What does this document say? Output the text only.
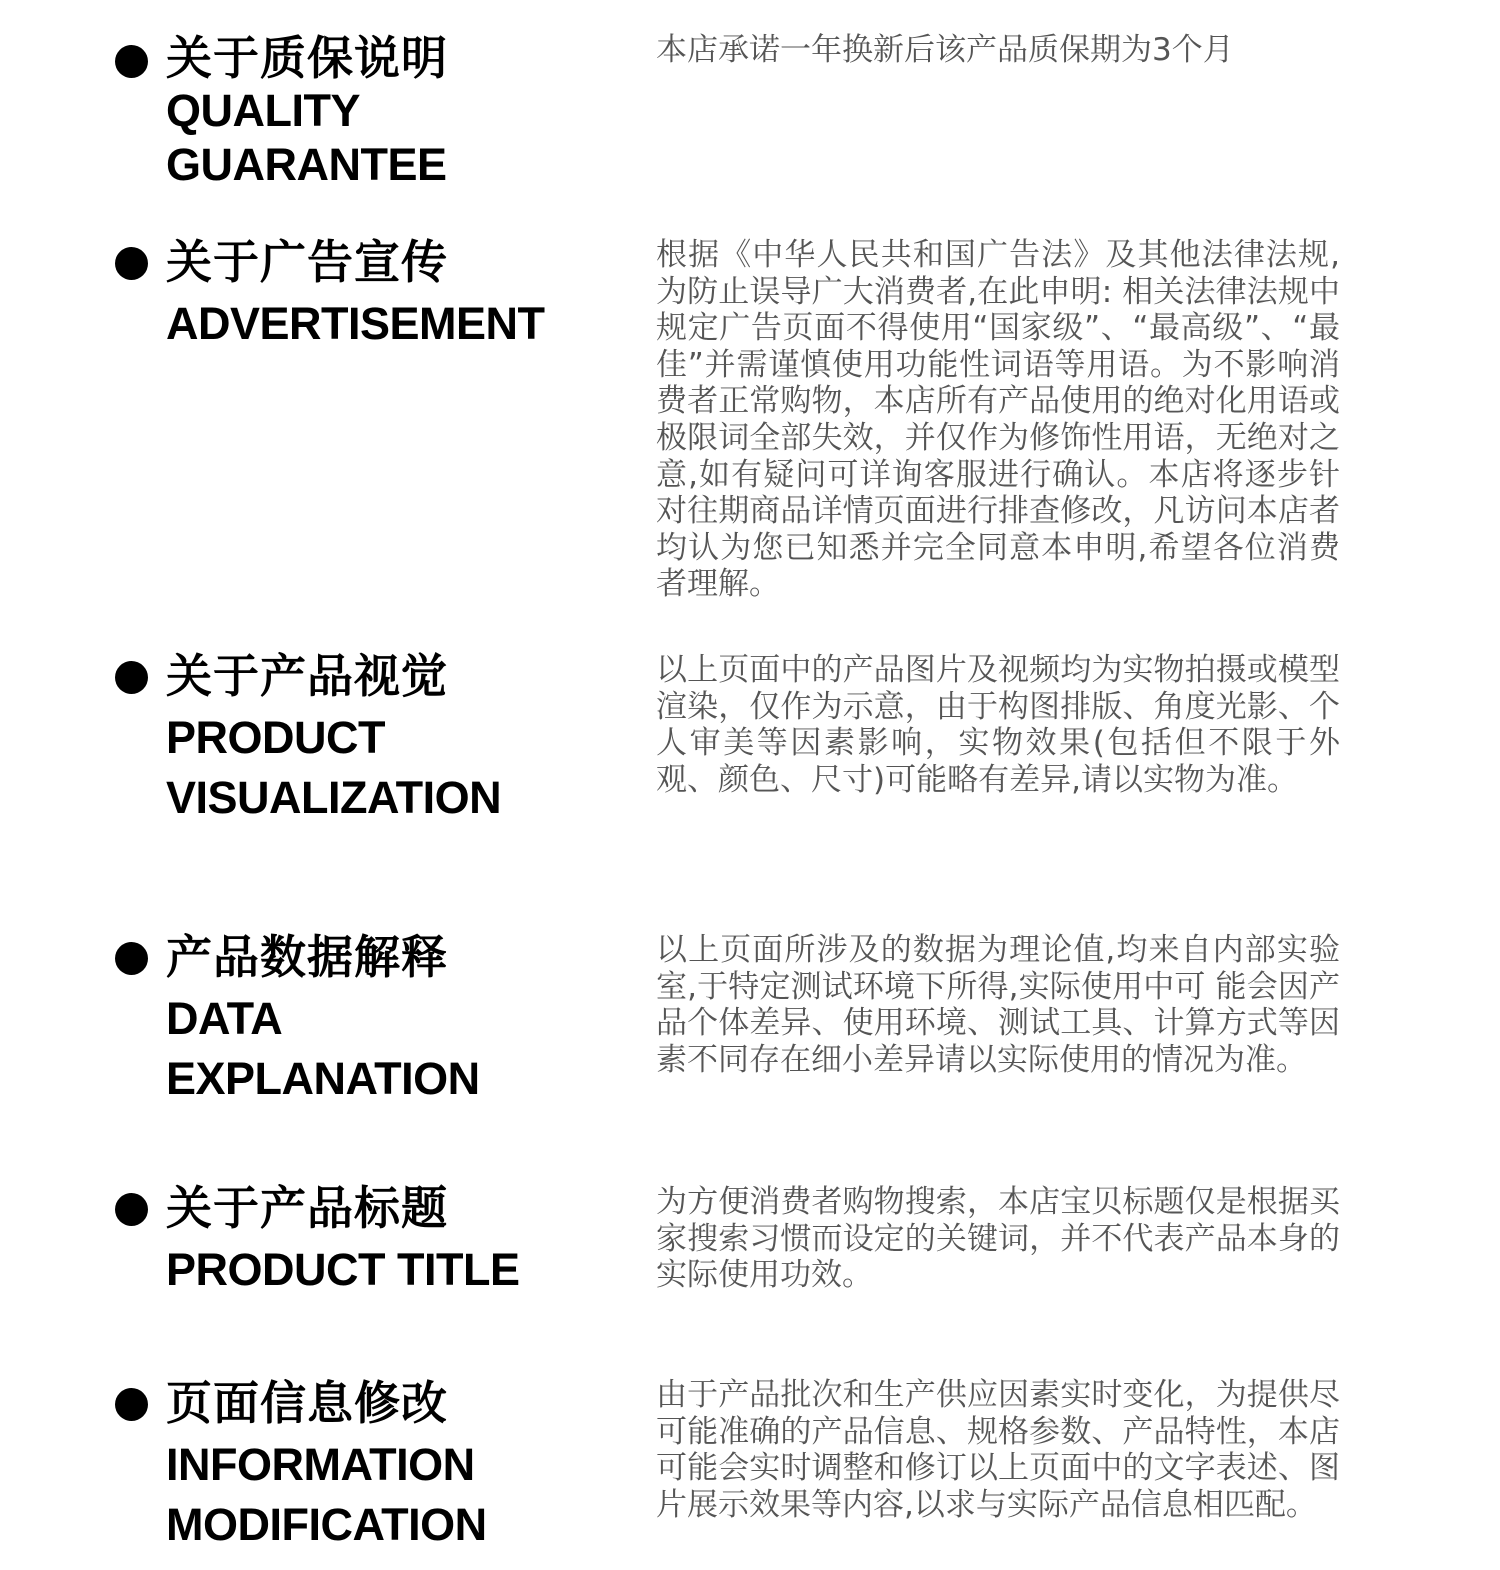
关于质保说明
QUALITY GUARANTEE
本店承诺一年换新后该产品质保期为3个月
关于广告宣传
ADVERTISEMENT
根据《中华人民共和国广告法》及其他法律法规,为防止误导广大消费者,在此申明: 相关法律法规中规定广告页面不得使用“国家级”、“最高级”、“最佳”并需谨慎使用功能性词语等用语。为不影响消费者正常购物，本店所有产品使用的绝对化用语或极限词全部失效，并仅作为修饰性用语，无绝对之意,如有疑问可详询客服进行确认。本店将逐步针对往期商品详情页面进行排查修改，凡访问本店者均认为您已知悉并完全同意本申明,希望各位消费者理解。
关于产品视觉
PRODUCT VISUALIZATION
以上页面中的产品图片及视频均为实物拍摄或模型渲染，仅作为示意，由于构图排版、角度光影、个人审美等因素影响，实物效果(包括但不限于外观、颜色、尺寸)可能略有差异,请以实物为准。
产品数据解释
DATA EXPLANATION
以上页面所涉及的数据为理论值,均来自内部实验室,于特定测试环境下所得,实际使用中可 能会因产品个体差异、使用环境、测试工具、计算方式等因素不同存在细小差异请以实际使用的情况为准。
关于产品标题
PRODUCT TITLE
为方便消费者购物搜索，本店宝贝标题仅是根据买家搜索习惯而设定的关键词，并不代表产品本身的实际使用功效。
页面信息修改
INFORMATION MODIFICATION
由于产品批次和生产供应因素实时变化，为提供尽可能准确的产品信息、规格参数、产品特性，本店可能会实时调整和修订以上页面中的文字表述、图片展示效果等内容,以求与实际产品信息相匹配。
